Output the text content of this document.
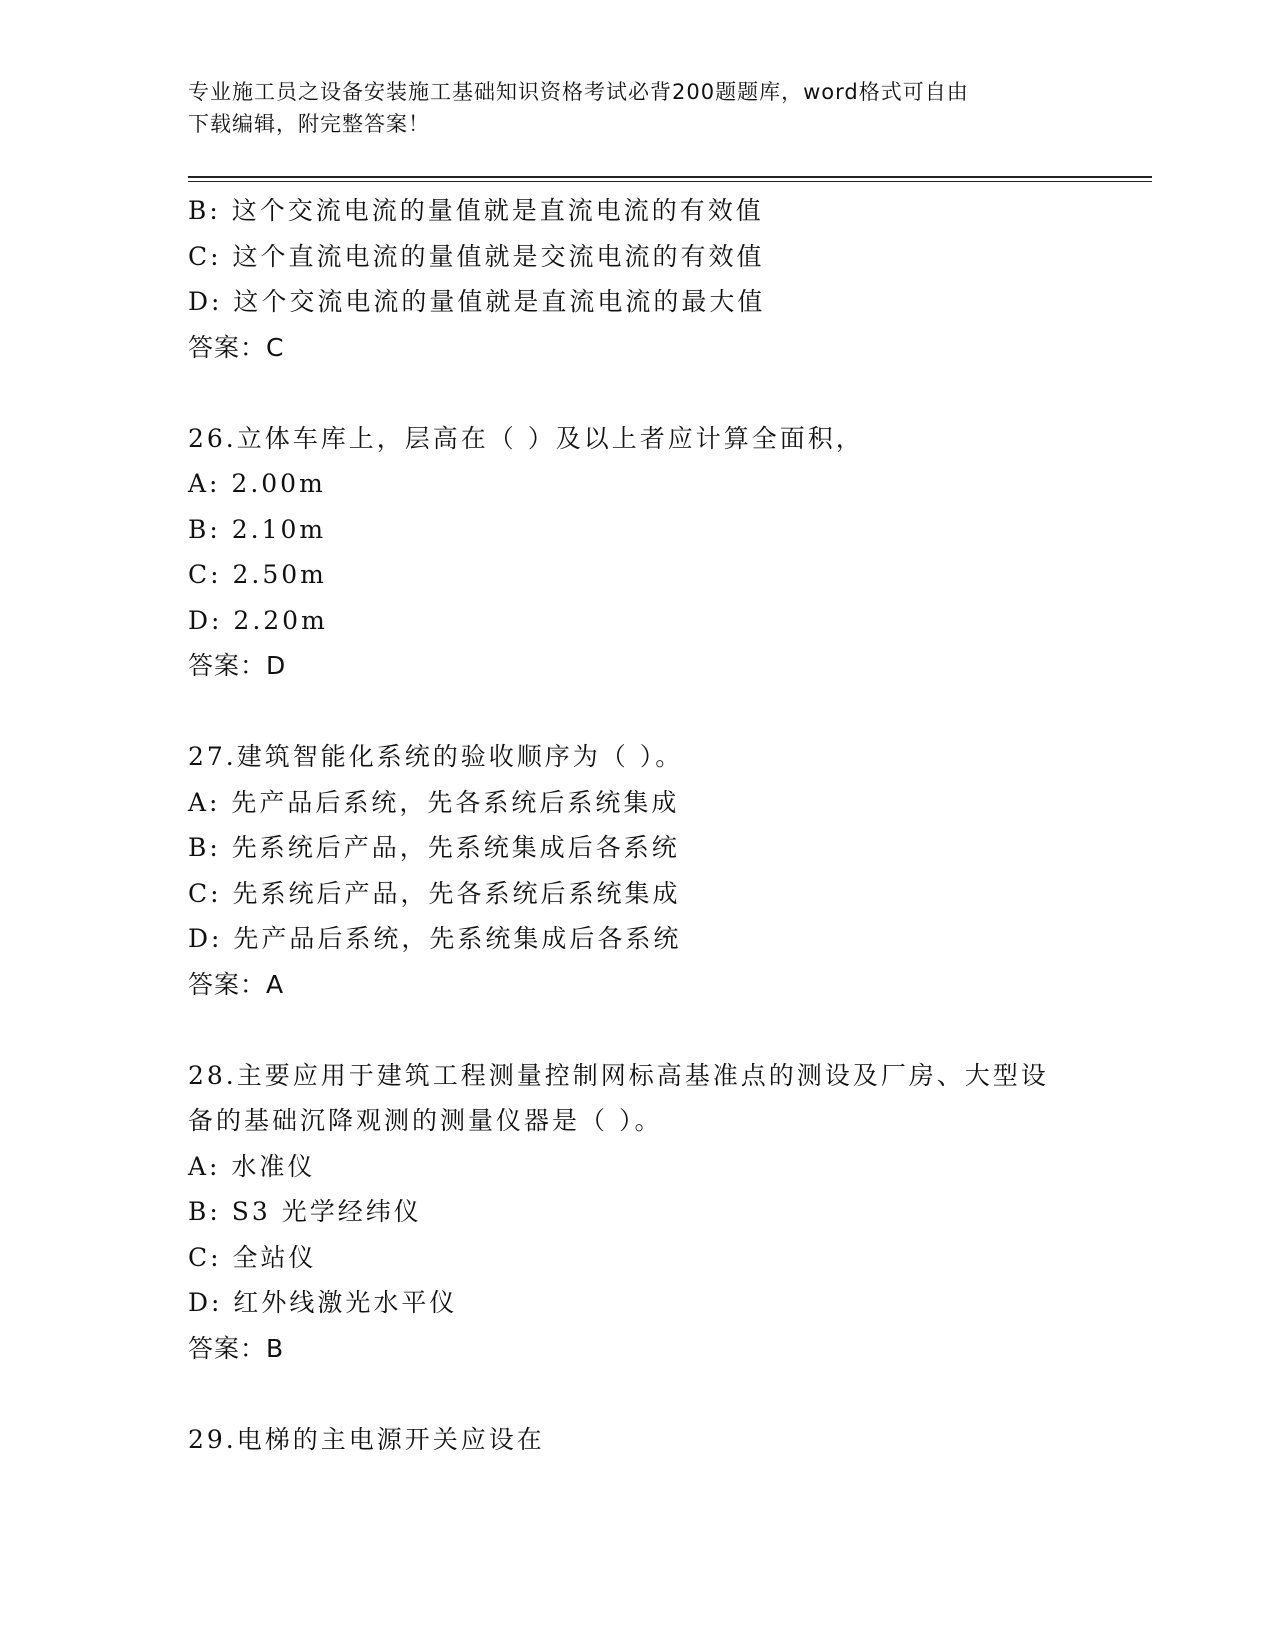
专业施工员之设备安装施工基础知识资格考试必背200题题库，word格式可自由
下载编辑，附完整答案！
B: 这个交流电流的量值就是直流电流的有效值
C: 这个直流电流的量值就是交流电流的有效值
D: 这个交流电流的量值就是直流电流的最大值
答案：C
26.立体车库上，层高在（ ）及以上者应计算全面积，
A: 2.00m
B: 2.10m
C: 2.50m
D: 2.20m
答案：D
27.建筑智能化系统的验收顺序为（ ）。
A: 先产品后系统，先各系统后系统集成
B: 先系统后产品，先系统集成后各系统
C: 先系统后产品，先各系统后系统集成
D: 先产品后系统，先系统集成后各系统
答案：A
28.主要应用于建筑工程测量控制网标高基准点的测设及厂房、大型设
备的基础沉降观测的测量仪器是（ ）。
A: 水准仪
B: S3 光学经纬仪
C: 全站仪
D: 红外线激光水平仪
答案：B
29.电梯的主电源开关应设在
